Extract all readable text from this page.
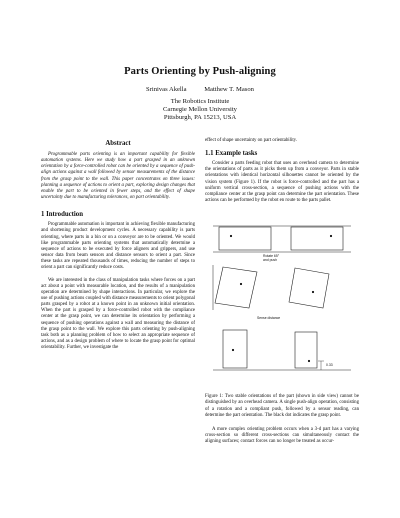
Parts Orienting by Push-aligning
Srinivas Akella	Matthew T. Mason
The Robotics Institute
Carnegie Mellon University
Pittsburgh, PA 15213, USA
Abstract

Programmable parts orienting is an important capability for flexible automation systems. Here we study how a part grasped in an unknown orientation by a force-controlled robot can be oriented by a sequence of push-align actions against a wall followed by sensor measurements of the distance from the grasp point to the wall. This paper concentrates on three issues: planning a sequence of actions to orient a part, exploring design changes that enable the part to be oriented in fewer steps, and the effect of shape uncertainty due to manufacturing tolerances, on part orientability.

1 Introduction

Programmable automation is important in achieving flexible manufacturing and shortening product development cycles. A necessary capability is parts orienting, where parts in a bin or on a conveyor are to be oriented. We would like programmable parts orienting systems that automatically determine a sequence of actions to be executed by force aligners and grippers, and use sensor data from beam sensors and distance sensors to orient a part. Since these tasks are repeated thousands of times, reducing the number of steps to orient a part can significantly reduce costs.

We are interested in the class of manipulation tasks where forces on a part act about a point with measurable location, and the results of a manipulation operation are determined by shape interactions. In particular, we explore the use of pushing actions coupled with distance measurements to orient polygonal parts grasped by a robot at a known point in an unknown initial orientation. When the part is grasped by a force-controlled robot with the compliance center at the grasp point, we can determine its orientation by performing a sequence of pushing operations against a wall and measuring the distance of the grasp point to the wall. We explore this parts orienting by push-aligning task both as a planning problem of how to select an appropriate sequence of actions, and as a design problem of where to locate the grasp point for optimal orientability. Further, we investigate the

effect of shape uncertainty on part orientability.

1.1 Example tasks

Consider a parts feeding robot that uses an overhead camera to determine the orientations of parts as it picks them up from a conveyor. Parts in stable orientations with identical horizontal silhouettes cannot be oriented by the vision system (Figure 1). If the robot is force-controlled and the part has a uniform vertical cross-section, a sequence of pushing actions with the compliance center at the grasp point can determine the part orientation. These actions can be performed by the robot en route to the parts pallet.

Rotate 65°
and push
Sense distance
0.33

Figure 1: Two stable orientations of the part (shown in side view) cannot be distinguished by an overhead camera. A single push-align operation, consisting of a rotation and a compliant push, followed by a sensor reading, can determine the part orientation. The black dot indicates the grasp point.

A more complex orienting problem occurs when a 3-d part has a varying cross-section so different cross-sections can simultaneously contact the aligning surfaces; contact forces can no longer be treated as occur-
